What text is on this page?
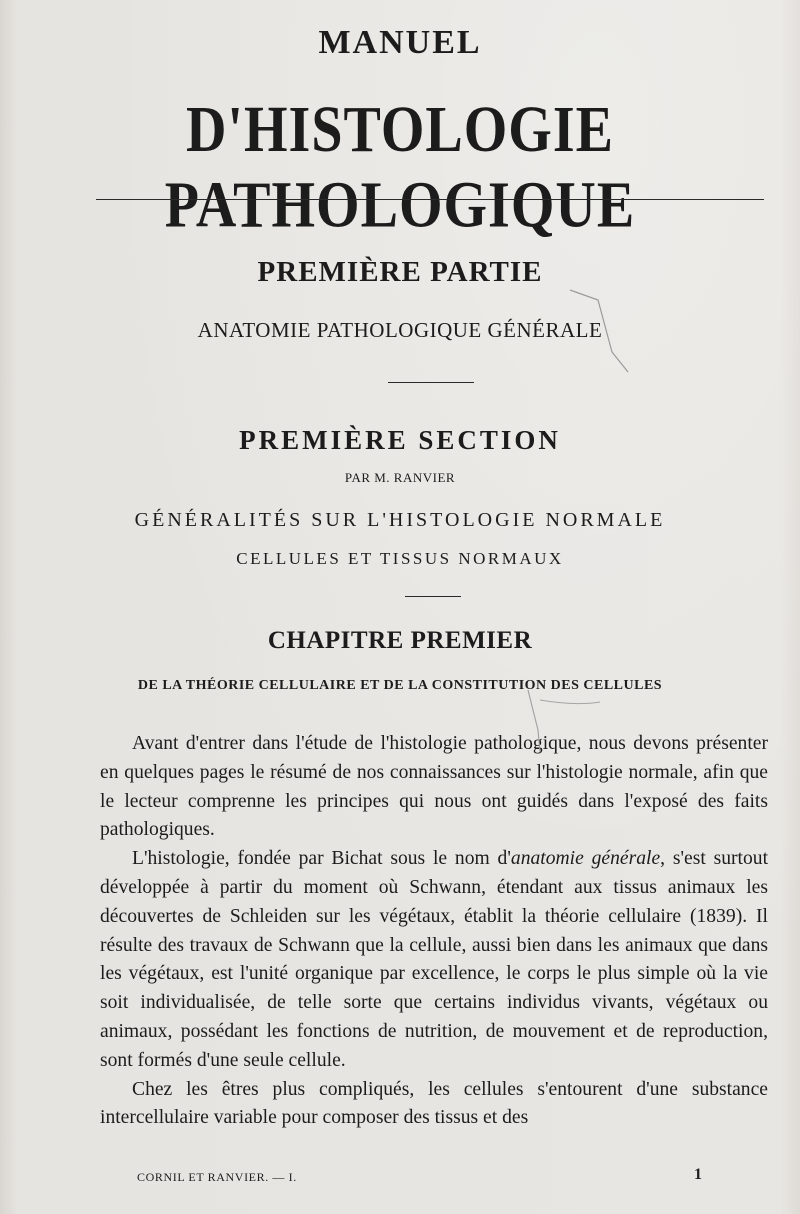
MANUEL
D'HISTOLOGIE PATHOLOGIQUE
PREMIÈRE PARTIE
ANATOMIE PATHOLOGIQUE GÉNÉRALE
PREMIÈRE SECTION
PAR M. RANVIER
GÉNÉRALITÉS SUR L'HISTOLOGIE NORMALE
CELLULES ET TISSUS NORMAUX
CHAPITRE PREMIER
DE LA THÉORIE CELLULAIRE ET DE LA CONSTITUTION DES CELLULES

Avant d'entrer dans l'étude de l'histologie pathologique, nous devons présenter en quelques pages le résumé de nos connaissances sur l'histologie normale, afin que le lecteur comprenne les principes qui nous ont guidés dans l'exposé des faits pathologiques.

L'histologie, fondée par Bichat sous le nom d'anatomie générale, s'est surtout développée à partir du moment où Schwann, étendant aux tissus animaux les découvertes de Schleiden sur les végétaux, établit la théorie cellulaire (1839). Il résulte des travaux de Schwann que la cellule, aussi bien dans les animaux que dans les végétaux, est l'unité organique par excellence, le corps le plus simple où la vie soit individualisée, de telle sorte que certains individus vivants, végétaux ou animaux, possédant les fonctions de nutrition, de mouvement et de reproduction, sont formés d'une seule cellule.

Chez les êtres plus compliqués, les cellules s'entourent d'une substance intercellulaire variable pour composer des tissus et des

CORNIL ET RANVIER. — I.	1
